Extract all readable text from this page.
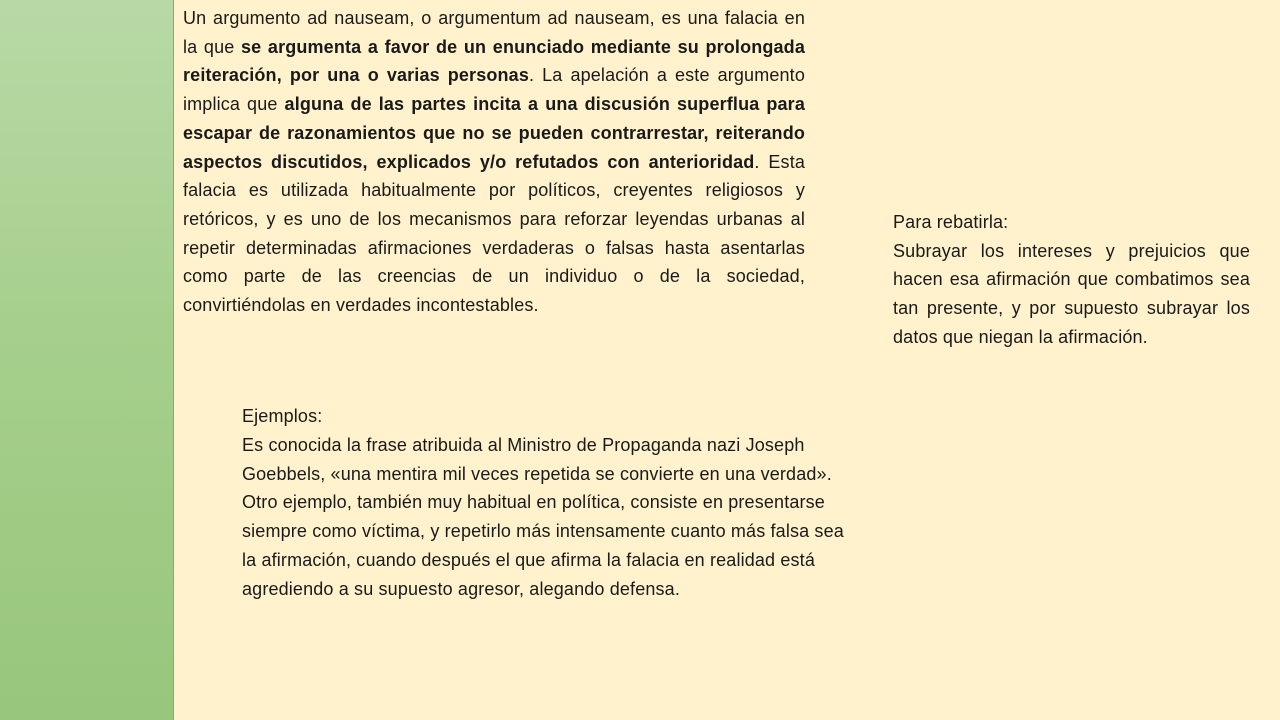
Un argumento ad nauseam, o argumentum ad nauseam, es una falacia en la que se argumenta a favor de un enunciado mediante su prolongada reiteración, por una o varias personas. La apelación a este argumento implica que alguna de las partes incita a una discusión superflua para escapar de razonamientos que no se pueden contrarrestar, reiterando aspectos discutidos, explicados y/o refutados con anterioridad. Esta falacia es utilizada habitualmente por políticos, creyentes religiosos y retóricos, y es uno de los mecanismos para reforzar leyendas urbanas al repetir determinadas afirmaciones verdaderas o falsas hasta asentarlas como parte de las creencias de un individuo o de la sociedad, convirtiéndolas en verdades incontestables.
Para rebatirla:
Subrayar los intereses y prejuicios que hacen esa afirmación que combatimos sea tan presente, y por supuesto subrayar los datos que niegan la afirmación.
Ejemplos:
Es conocida la frase atribuida al Ministro de Propaganda nazi Joseph Goebbels, «una mentira mil veces repetida se convierte en una verdad».
Otro ejemplo, también muy habitual en política, consiste en presentarse siempre como víctima, y repetirlo más intensamente cuanto más falsa sea la afirmación, cuando después el que afirma la falacia en realidad está agrediendo a su supuesto agresor, alegando defensa.
